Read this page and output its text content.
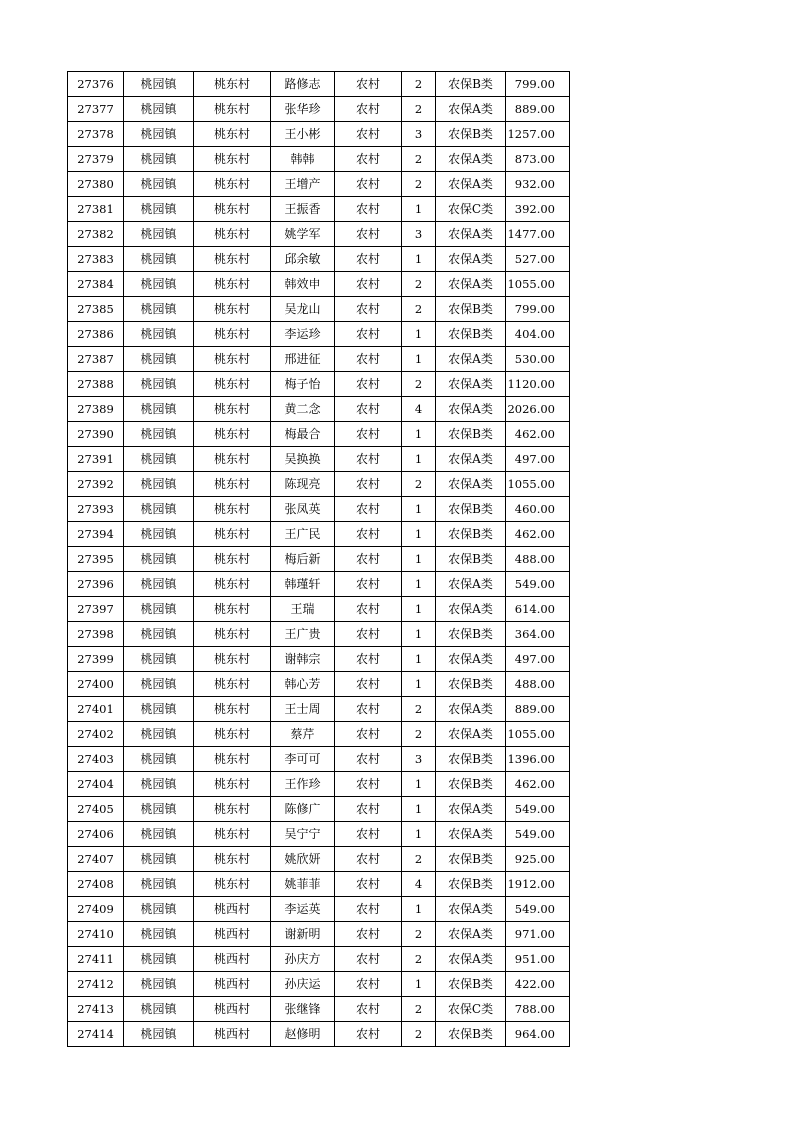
27376	桃园镇	桃东村	路修志	农村	2	农保B类	799.00
27377	桃园镇	桃东村	张华珍	农村	2	农保A类	889.00
27378	桃园镇	桃东村	王小彬	农村	3	农保B类	1257.00
27379	桃园镇	桃东村	韩韩	农村	2	农保A类	873.00
27380	桃园镇	桃东村	王增产	农村	2	农保A类	932.00
27381	桃园镇	桃东村	王振香	农村	1	农保C类	392.00
27382	桃园镇	桃东村	姚学军	农村	3	农保A类	1477.00
27383	桃园镇	桃东村	邱余敏	农村	1	农保A类	527.00
27384	桃园镇	桃东村	韩效申	农村	2	农保A类	1055.00
27385	桃园镇	桃东村	吴龙山	农村	2	农保B类	799.00
27386	桃园镇	桃东村	李运珍	农村	1	农保B类	404.00
27387	桃园镇	桃东村	邢进征	农村	1	农保A类	530.00
27388	桃园镇	桃东村	梅子怡	农村	2	农保A类	1120.00
27389	桃园镇	桃东村	黄二念	农村	4	农保A类	2026.00
27390	桃园镇	桃东村	梅最合	农村	1	农保B类	462.00
27391	桃园镇	桃东村	吴换换	农村	1	农保A类	497.00
27392	桃园镇	桃东村	陈现亮	农村	2	农保A类	1055.00
27393	桃园镇	桃东村	张凤英	农村	1	农保B类	460.00
27394	桃园镇	桃东村	王广民	农村	1	农保B类	462.00
27395	桃园镇	桃东村	梅后新	农村	1	农保B类	488.00
27396	桃园镇	桃东村	韩瑾轩	农村	1	农保A类	549.00
27397	桃园镇	桃东村	王瑞	农村	1	农保A类	614.00
27398	桃园镇	桃东村	王广贵	农村	1	农保B类	364.00
27399	桃园镇	桃东村	谢韩宗	农村	1	农保A类	497.00
27400	桃园镇	桃东村	韩心芳	农村	1	农保B类	488.00
27401	桃园镇	桃东村	王士周	农村	2	农保A类	889.00
27402	桃园镇	桃东村	蔡芹	农村	2	农保A类	1055.00
27403	桃园镇	桃东村	李可可	农村	3	农保B类	1396.00
27404	桃园镇	桃东村	王作珍	农村	1	农保B类	462.00
27405	桃园镇	桃东村	陈修广	农村	1	农保A类	549.00
27406	桃园镇	桃东村	吴宁宁	农村	1	农保A类	549.00
27407	桃园镇	桃东村	姚欣妍	农村	2	农保B类	925.00
27408	桃园镇	桃东村	姚菲菲	农村	4	农保B类	1912.00
27409	桃园镇	桃西村	李运英	农村	1	农保A类	549.00
27410	桃园镇	桃西村	谢新明	农村	2	农保A类	971.00
27411	桃园镇	桃西村	孙庆方	农村	2	农保A类	951.00
27412	桃园镇	桃西村	孙庆运	农村	1	农保B类	422.00
27413	桃园镇	桃西村	张继锋	农村	2	农保C类	788.00
27414	桃园镇	桃西村	赵修明	农村	2	农保B类	964.00
